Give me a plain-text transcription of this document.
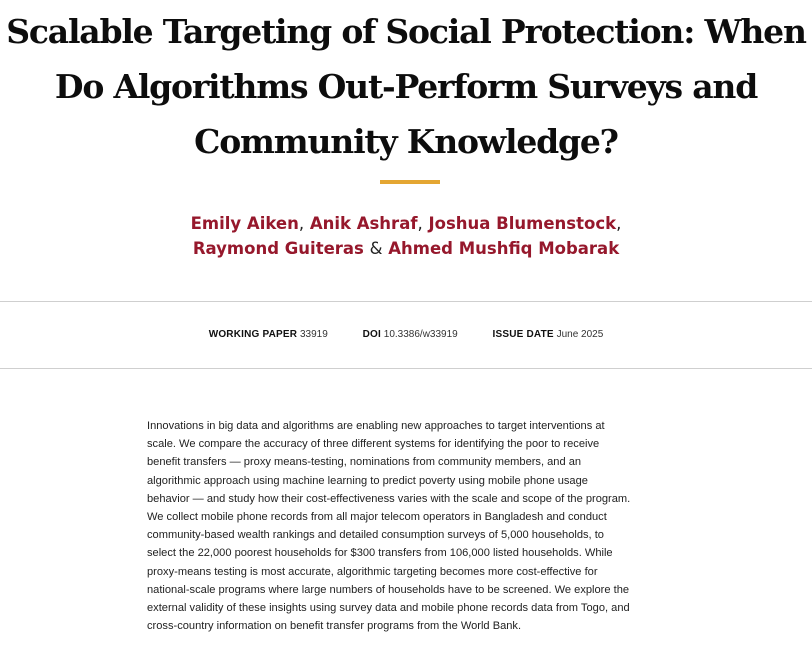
Scalable Targeting of Social Protection: When
Do Algorithms Out-Perform Surveys and
Community Knowledge?
Emily Aiken, Anik Ashraf, Joshua Blumenstock,
Raymond Guiteras & Ahmed Mushfiq Mobarak
WORKING PAPER 33919	DOI 10.3386/w33919	ISSUE DATE June 2025

Innovations in big data and algorithms are enabling new approaches to target interventions at
scale. We compare the accuracy of three different systems for identifying the poor to receive
benefit transfers — proxy means-testing, nominations from community members, and an
algorithmic approach using machine learning to predict poverty using mobile phone usage
behavior — and study how their cost-effectiveness varies with the scale and scope of the program.
We collect mobile phone records from all major telecom operators in Bangladesh and conduct
community-based wealth rankings and detailed consumption surveys of 5,000 households, to
select the 22,000 poorest households for $300 transfers from 106,000 listed households. While
proxy-means testing is most accurate, algorithmic targeting becomes more cost-effective for
national-scale programs where large numbers of households have to be screened. We explore the
external validity of these insights using survey data and mobile phone records data from Togo, and
cross-country information on benefit transfer programs from the World Bank.
